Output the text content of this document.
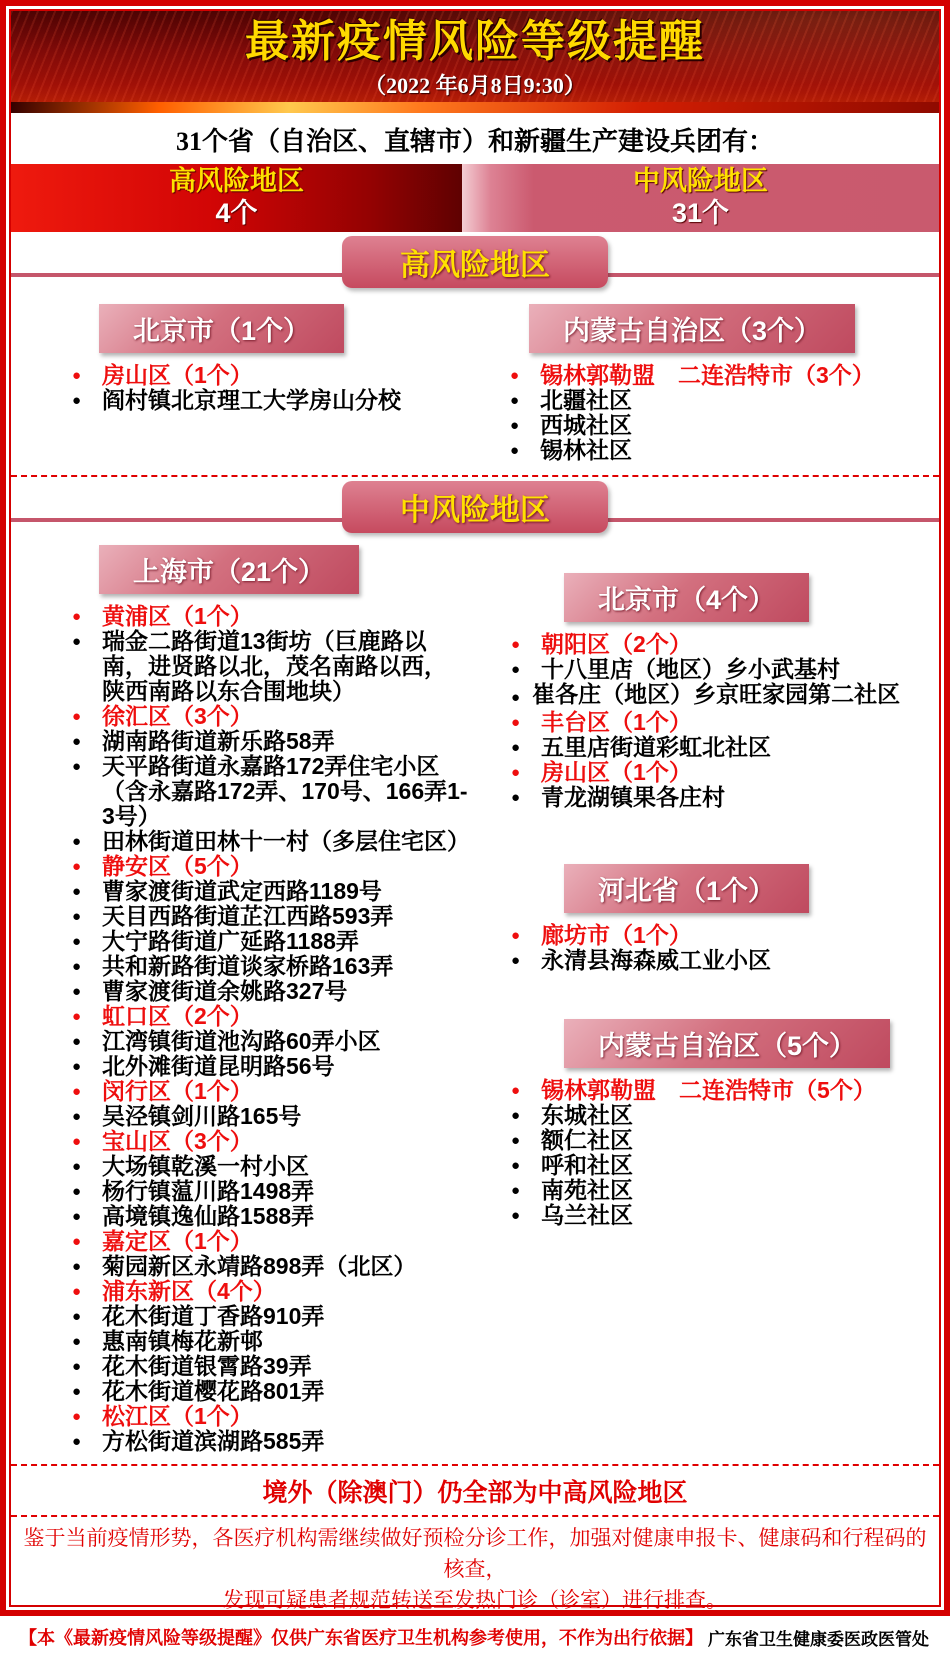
最新疫情风险等级提醒
（2022 年6月8日9:30）
31个省（自治区、直辖市）和新疆生产建设兵团有：
高风险地区
4个
中风险地区
31个
高风险地区
北京市（1个）
● 房山区（1个）
● 阎村镇北京理工大学房山分校
内蒙古自治区（3个）
● 锡林郭勒盟　二连浩特市（3个）
● 北疆社区
● 西城社区
● 锡林社区
中风险地区
上海市（21个）
● 黄浦区（1个）
● 瑞金二路街道13街坊（巨鹿路以南，进贤路以北，茂名南路以西，陕西南路以东合围地块）
● 徐汇区（3个）
● 湖南路街道新乐路58弄
● 天平路街道永嘉路172弄住宅小区（含永嘉路172弄、170号、166弄1-3号）
● 田林街道田林十一村（多层住宅区）
● 静安区（5个）
● 曹家渡街道武定西路1189号
● 天目西路街道芷江西路593弄
● 大宁路街道广延路1188弄
● 共和新路街道谈家桥路163弄
● 曹家渡街道余姚路327号
● 虹口区（2个）
● 江湾镇街道池沟路60弄小区
● 北外滩街道昆明路56号
● 闵行区（1个）
● 吴泾镇剑川路165号
● 宝山区（3个）
● 大场镇乾溪一村小区
● 杨行镇蕰川路1498弄
● 高境镇逸仙路1588弄
● 嘉定区（1个）
● 菊园新区永靖路898弄（北区）
● 浦东新区（4个）
● 花木街道丁香路910弄
● 惠南镇梅花新邨
● 花木街道银霄路39弄
● 花木街道樱花路801弄
● 松江区（1个）
● 方松街道滨湖路585弄
北京市（4个）
● 朝阳区（2个）
● 十八里店（地区）乡小武基村
● 崔各庄（地区）乡京旺家园第二社区
● 丰台区（1个）
● 五里店街道彩虹北社区
● 房山区（1个）
● 青龙湖镇果各庄村
河北省（1个）
● 廊坊市（1个）
● 永清县海森威工业小区
内蒙古自治区（5个）
● 锡林郭勒盟　二连浩特市（5个）
● 东城社区
● 额仁社区
● 呼和社区
● 南苑社区
● 乌兰社区
境外（除澳门）仍全部为中高风险地区
鉴于当前疫情形势，各医疗机构需继续做好预检分诊工作，加强对健康申报卡、健康码和行程码的核查，
发现可疑患者规范转送至发热门诊（诊室）进行排查。
【本《最新疫情风险等级提醒》仅供广东省医疗卫生机构参考使用，不作为出行依据】 广东省卫生健康委医政医管处
